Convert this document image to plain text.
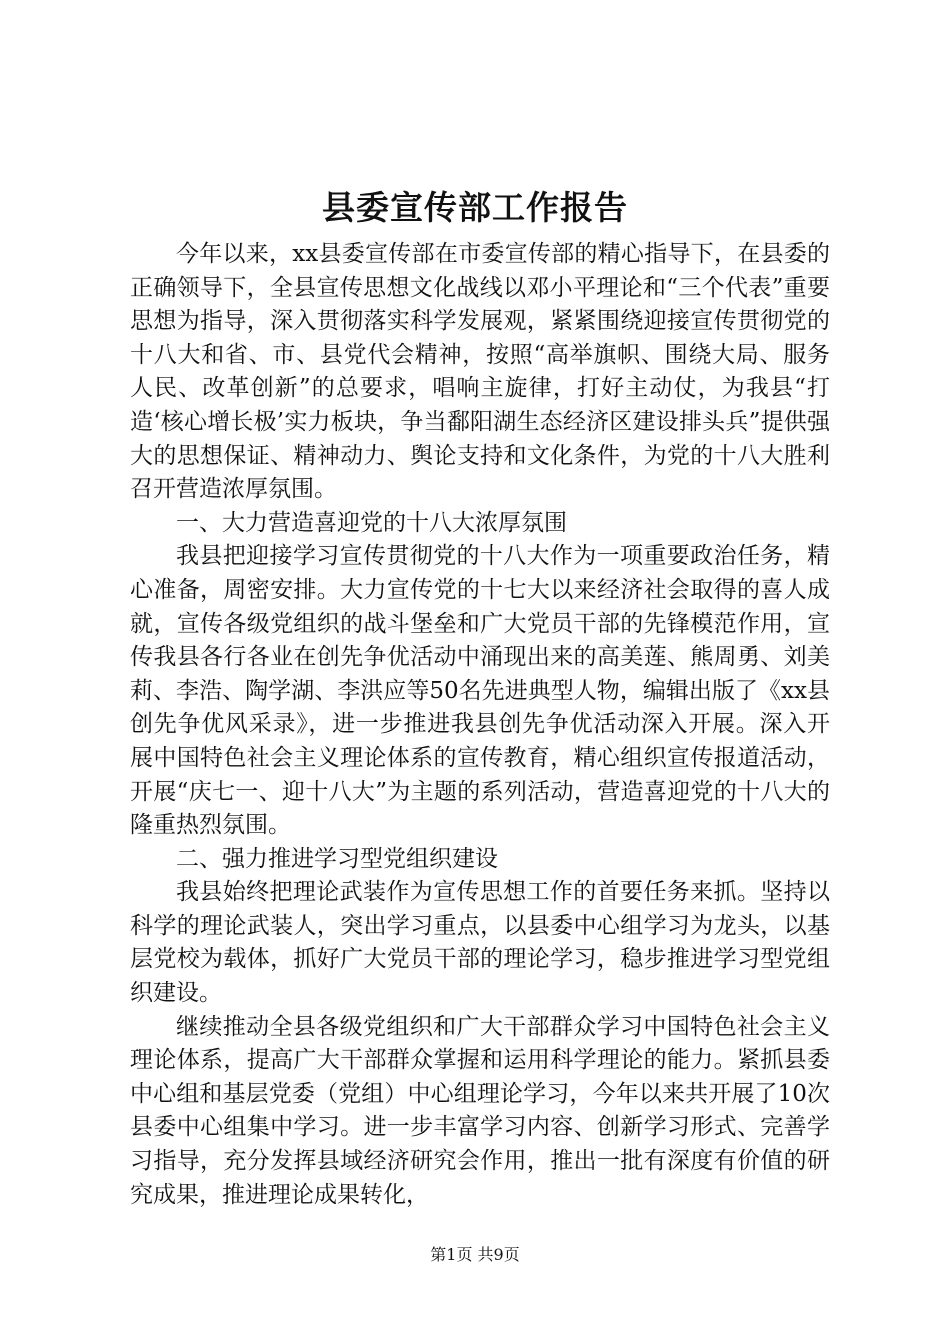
县委宣传部工作报告

今年以来，xx县委宣传部在市委宣传部的精心指导下，在县委的正确领导下，全县宣传思想文化战线以邓小平理论和“三个代表”重要思想为指导，深入贯彻落实科学发展观，紧紧围绕迎接宣传贯彻党的十八大和省、市、县党代会精神，按照“高举旗帜、围绕大局、服务人民、改革创新”的总要求，唱响主旋律，打好主动仗，为我县“打造‘核心增长极’实力板块，争当鄱阳湖生态经济区建设排头兵”提供强大的思想保证、精神动力、舆论支持和文化条件，为党的十八大胜利召开营造浓厚氛围。

一、大力营造喜迎党的十八大浓厚氛围

我县把迎接学习宣传贯彻党的十八大作为一项重要政治任务，精心准备，周密安排。大力宣传党的十七大以来经济社会取得的喜人成就，宣传各级党组织的战斗堡垒和广大党员干部的先锋模范作用，宣传我县各行各业在创先争优活动中涌现出来的高美莲、熊周勇、刘美莉、李浩、陶学湖、李洪应等50名先进典型人物，编辑出版了《xx县创先争优风采录》，进一步推进我县创先争优活动深入开展。深入开展中国特色社会主义理论体系的宣传教育，精心组织宣传报道活动，开展“庆七一、迎十八大”为主题的系列活动，营造喜迎党的十八大的隆重热烈氛围。

二、强力推进学习型党组织建设

我县始终把理论武装作为宣传思想工作的首要任务来抓。坚持以科学的理论武装人，突出学习重点，以县委中心组学习为龙头，以基层党校为载体，抓好广大党员干部的理论学习，稳步推进学习型党组织建设。

继续推动全县各级党组织和广大干部群众学习中国特色社会主义理论体系，提高广大干部群众掌握和运用科学理论的能力。紧抓县委中心组和基层党委（党组）中心组理论学习，今年以来共开展了10次县委中心组集中学习。进一步丰富学习内容、创新学习形式、完善学习指导，充分发挥县域经济研究会作用，推出一批有深度有价值的研究成果，推进理论成果转化，

第1页 共9页
